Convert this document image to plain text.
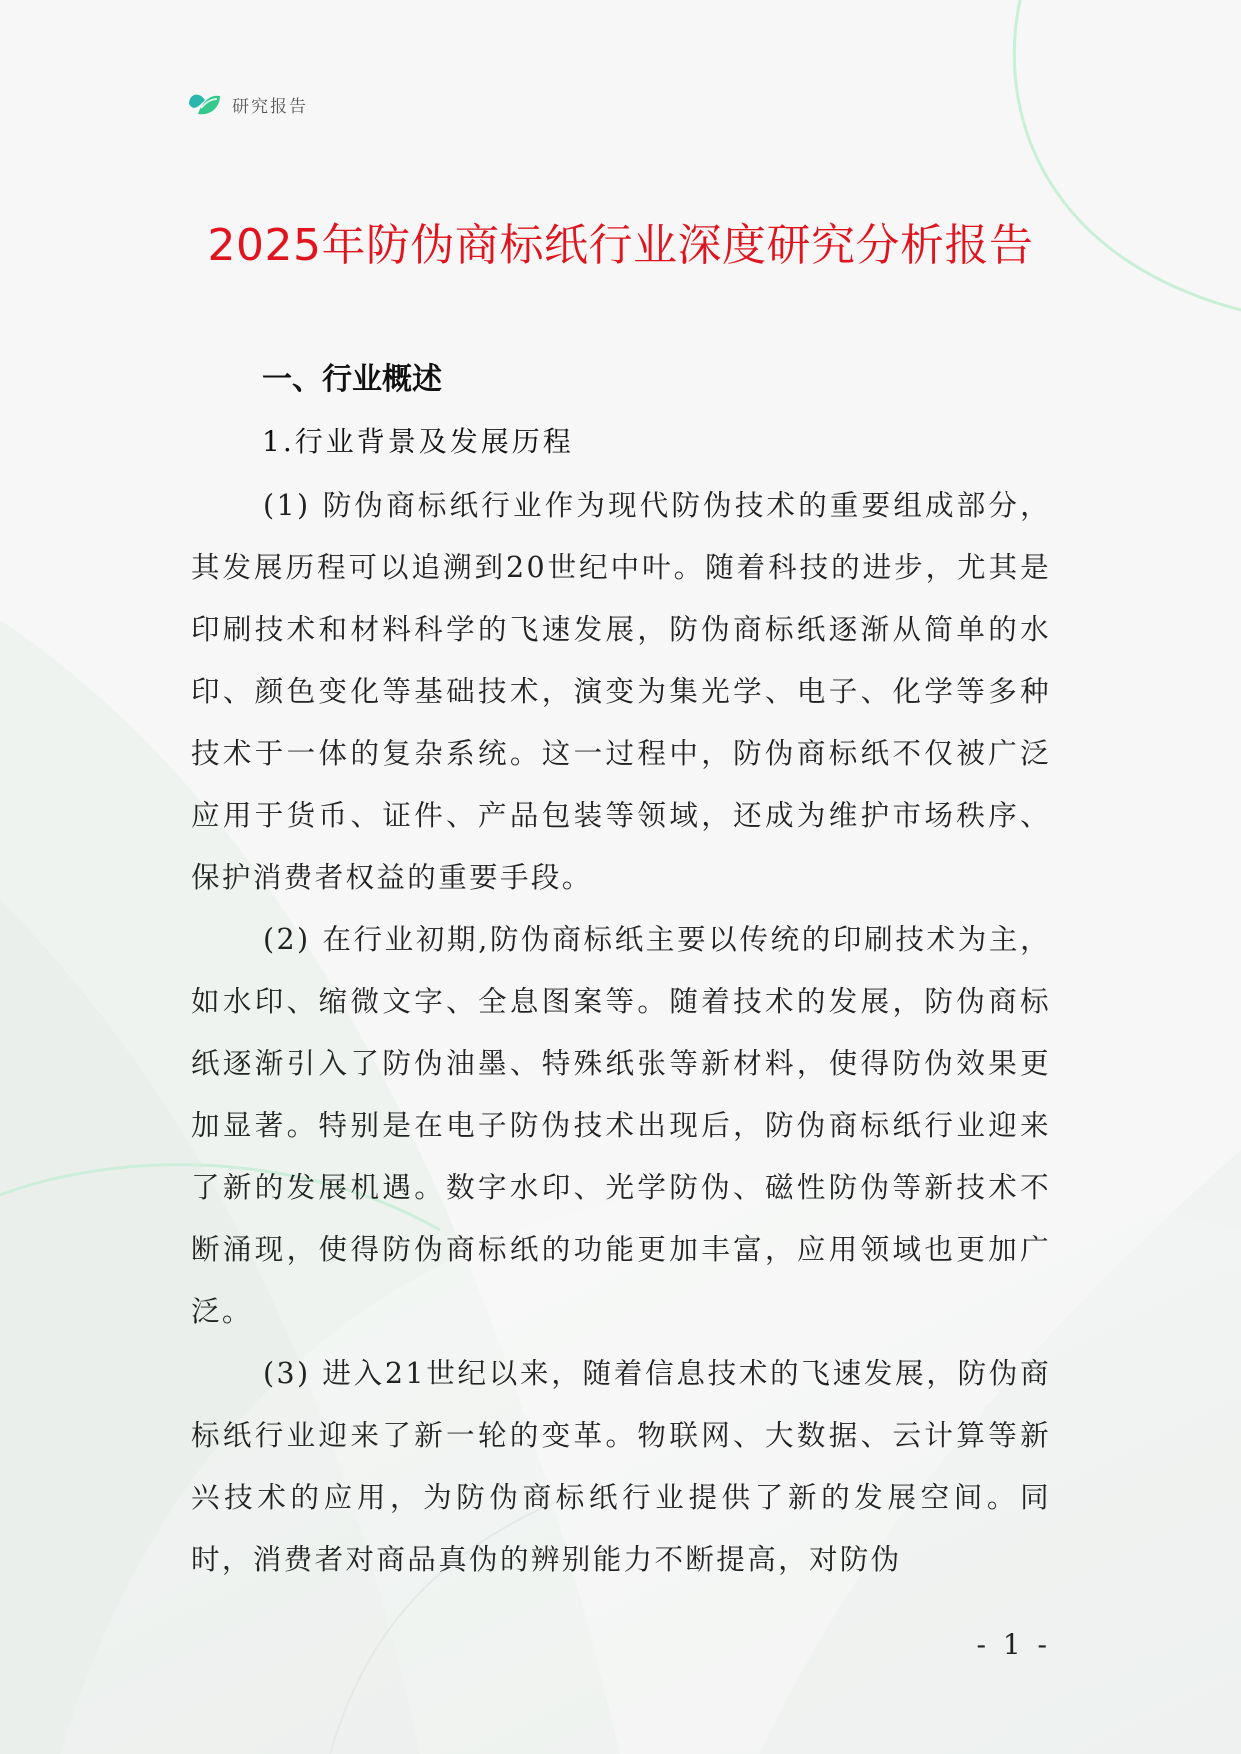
研究报告
2025年防伪商标纸行业深度研究分析报告
一、行业概述
1.行业背景及发展历程

(1) 防伪商标纸行业作为现代防伪技术的重要组成部分，其发展历程可以追溯到20世纪中叶。随着科技的进步，尤其是印刷技术和材料科学的飞速发展，防伪商标纸逐渐从简单的水印、颜色变化等基础技术，演变为集光学、电子、化学等多种技术于一体的复杂系统。这一过程中，防伪商标纸不仅被广泛应用于货币、证件、产品包装等领域，还成为维护市场秩序、保护消费者权益的重要手段。

(2) 在行业初期,防伪商标纸主要以传统的印刷技术为主，如水印、缩微文字、全息图案等。随着技术的发展，防伪商标纸逐渐引入了防伪油墨、特殊纸张等新材料，使得防伪效果更加显著。特别是在电子防伪技术出现后，防伪商标纸行业迎来了新的发展机遇。数字水印、光学防伪、磁性防伪等新技术不断涌现，使得防伪商标纸的功能更加丰富，应用领域也更加广泛。

(3) 进入21世纪以来，随着信息技术的飞速发展，防伪商标纸行业迎来了新一轮的变革。物联网、大数据、云计算等新兴技术的应用，为防伪商标纸行业提供了新的发展空间。同时，消费者对商品真伪的辨别能力不断提高，对防伪

- 1 -
